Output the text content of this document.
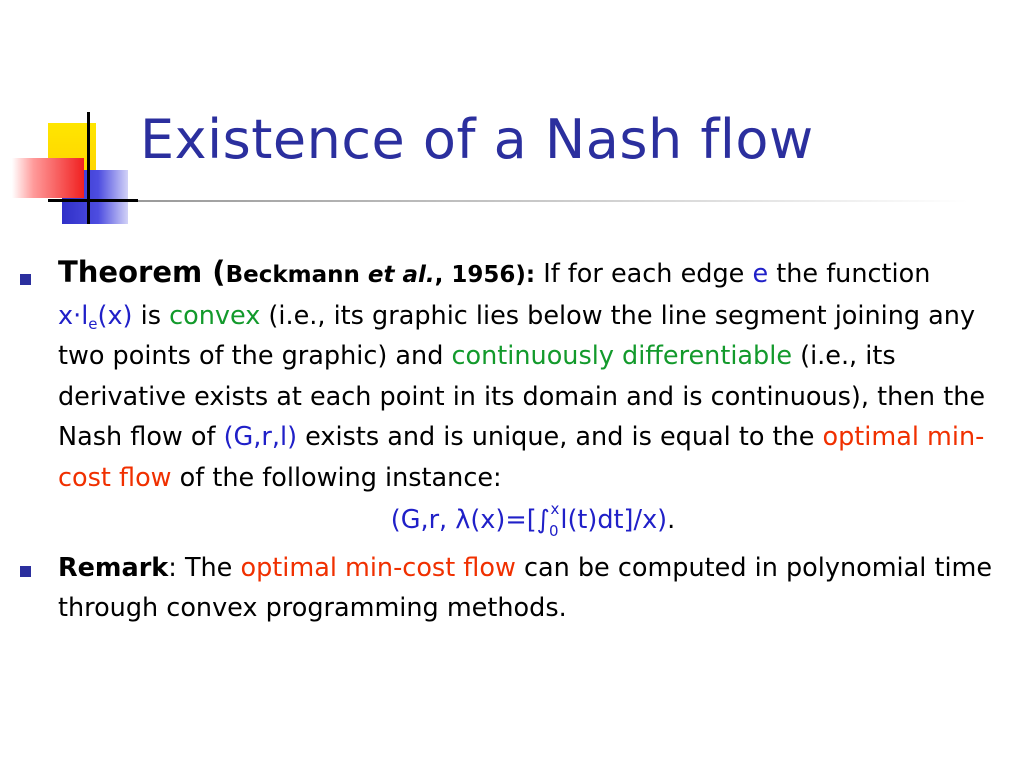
Existence of a Nash flow

Theorem (Beckmann et al., 1956): If for each edge e the function $x\cdot l_e(x)$ is convex (i.e., its graphic lies below the line segment joining any two points of the graphic) and continuously differentiable (i.e., its derivative exists at each point in its domain and is continuous), then the Nash flow of (G,r,l) exists and is unique, and is equal to the optimal min-cost flow of the following instance:

(G,r, $\lambda(x)=[\int_0^xl(t)dt]/x$).

Remark: The optimal min-cost flow can be computed in polynomial time through convex programming methods.
